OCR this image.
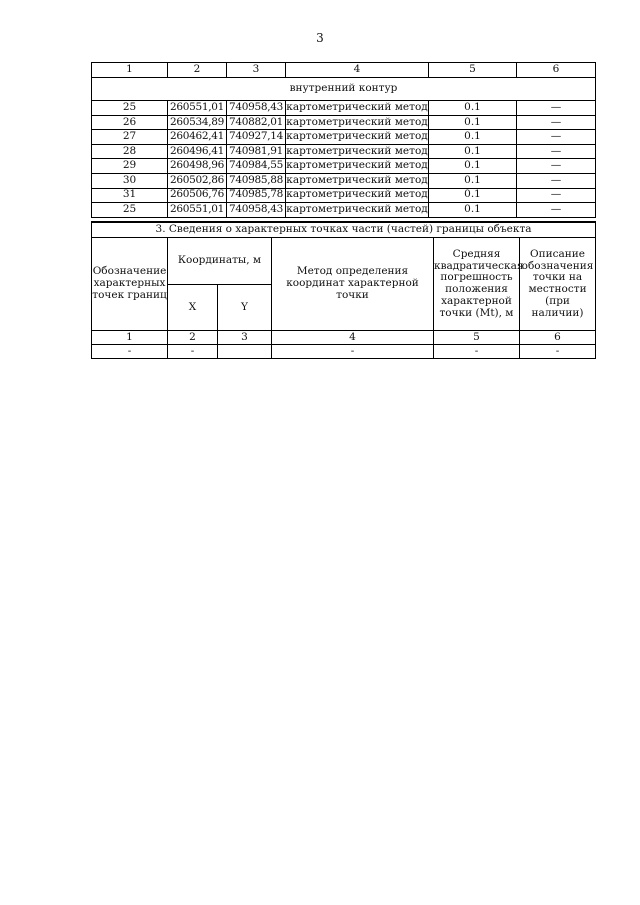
3
1	2	3	4	5	6
внутренний контур					
25	260551,01	740958,43	картометрический метод	0.1	—
26	260534,89	740882,01	картометрический метод	0.1	—
27	260462,41	740927,14	картометрический метод	0.1	—
28	260496,41	740981,91	картометрический метод	0.1	—
29	260498,96	740984,55	картометрический метод	0.1	—
30	260502,86	740985,88	картометрический метод	0.1	—
31	260506,76	740985,78	картометрический метод	0.1	—
25	260551,01	740958,43	картометрический метод	0.1	—
3. Сведения о характерных точках части (частей) границы объекта					
Обозначение характерных точек границ	Координаты, м		Метод определения координат характерной точки	Средняя квадратическая погрешность положения характерной точки (Mt), м	Описание обозначения точки на местности (при наличии)
	X	Y			
1	2	3	4	5	6
-	-		-	-	-
